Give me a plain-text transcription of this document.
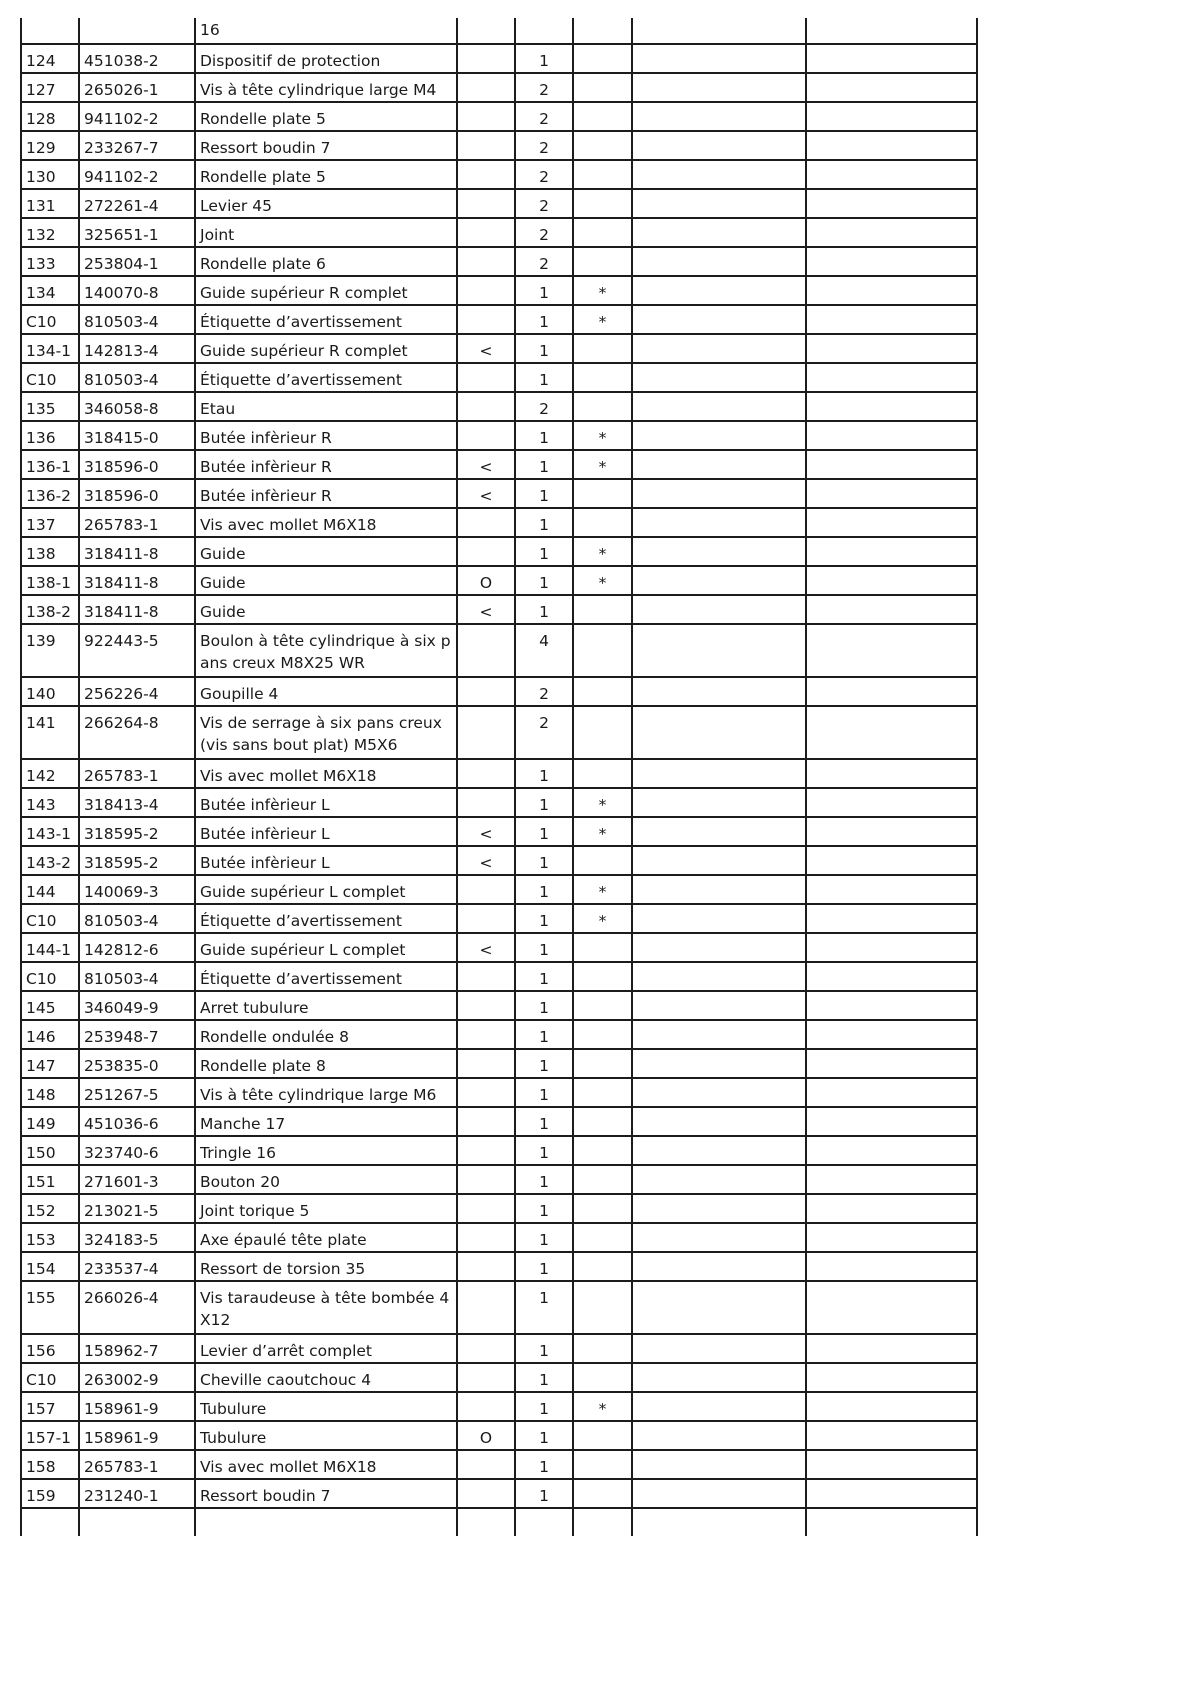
		16					
124	451038-2	Dispositif de protection		1			
127	265026-1	Vis à tête cylindrique large M4		2			
128	941102-2	Rondelle plate 5		2			
129	233267-7	Ressort boudin 7		2			
130	941102-2	Rondelle plate 5		2			
131	272261-4	Levier 45		2			
132	325651-1	Joint		2			
133	253804-1	Rondelle plate 6		2			
134	140070-8	Guide supérieur R complet		1	*		
C10	810503-4	Étiquette d’avertissement		1	*		
134-1	142813-4	Guide supérieur R complet	<	1			
C10	810503-4	Étiquette d’avertissement		1			
135	346058-8	Etau		2			
136	318415-0	Butée infèrieur R		1	*		
136-1	318596-0	Butée infèrieur R	<	1	*		
136-2	318596-0	Butée infèrieur R	<	1			
137	265783-1	Vis avec mollet M6X18		1			
138	318411-8	Guide		1	*		
138-1	318411-8	Guide	O	1	*		
138-2	318411-8	Guide	<	1			
139	922443-5	Boulon à tête cylindrique à six pans creux M8X25 WR		4			
140	256226-4	Goupille 4		2			
141	266264-8	Vis de serrage à six pans creux (vis sans bout plat) M5X6		2			
142	265783-1	Vis avec mollet M6X18		1			
143	318413-4	Butée infèrieur L		1	*		
143-1	318595-2	Butée infèrieur L	<	1	*		
143-2	318595-2	Butée infèrieur L	<	1			
144	140069-3	Guide supérieur L complet		1	*		
C10	810503-4	Étiquette d’avertissement		1	*		
144-1	142812-6	Guide supérieur L complet	<	1			
C10	810503-4	Étiquette d’avertissement		1			
145	346049-9	Arret tubulure		1			
146	253948-7	Rondelle ondulée 8		1			
147	253835-0	Rondelle plate 8		1			
148	251267-5	Vis à tête cylindrique large M6		1			
149	451036-6	Manche 17		1			
150	323740-6	Tringle 16		1			
151	271601-3	Bouton 20		1			
152	213021-5	Joint torique 5		1			
153	324183-5	Axe épaulé tête plate		1			
154	233537-4	Ressort de torsion 35		1			
155	266026-4	Vis taraudeuse à tête bombée 4X12		1			
156	158962-7	Levier d’arrêt complet		1			
C10	263002-9	Cheville caoutchouc 4		1			
157	158961-9	Tubulure		1	*		
157-1	158961-9	Tubulure	O	1			
158	265783-1	Vis avec mollet M6X18		1			
159	231240-1	Ressort boudin 7		1			
